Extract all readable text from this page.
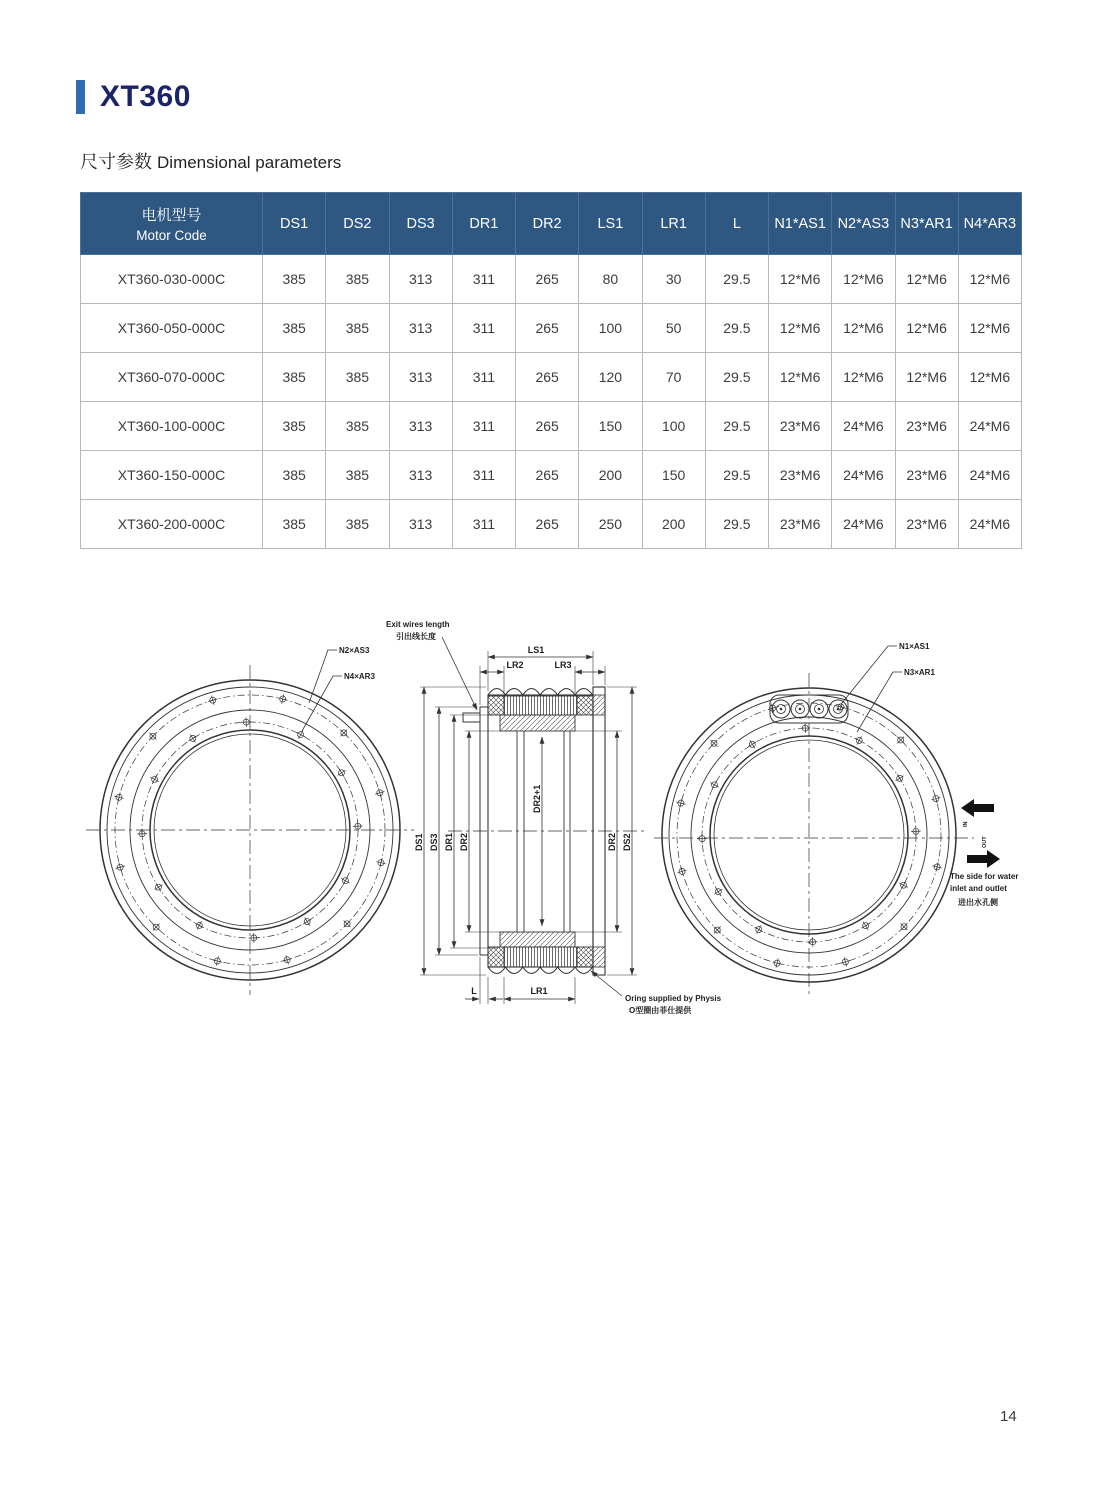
XT360
尺寸参数 Dimensional parameters
电机型号
Motor Code	DS1	DS2	DS3	DR1	DR2	LS1	LR1	L	N1*AS1	N2*AS3	N3*AR1	N4*AR3
XT360-030-000C	385	385	313	311	265	80	30	29.5	12*M6	12*M6	12*M6	12*M6
XT360-050-000C	385	385	313	311	265	100	50	29.5	12*M6	12*M6	12*M6	12*M6
XT360-070-000C	385	385	313	311	265	120	70	29.5	12*M6	12*M6	12*M6	12*M6
XT360-100-000C	385	385	313	311	265	150	100	29.5	23*M6	24*M6	23*M6	24*M6
XT360-150-000C	385	385	313	311	265	200	150	29.5	23*M6	24*M6	23*M6	24*M6
XT360-200-000C	385	385	313	311	265	250	200	29.5	23*M6	24*M6	23*M6	24*M6
N2×AS3
N4×AR3
Exit wires length
引出线长度
LS1
LR2	LR3
DS1 DS3 DR1 DR2
DR2+1
DR2 DS2
L	LR1
Oring supplied by Physis
O型圈由菲仕提供
N1×AS1
N3×AR1
IN
OUT
The side for water
inlet and outlet
进出水孔侧
14
